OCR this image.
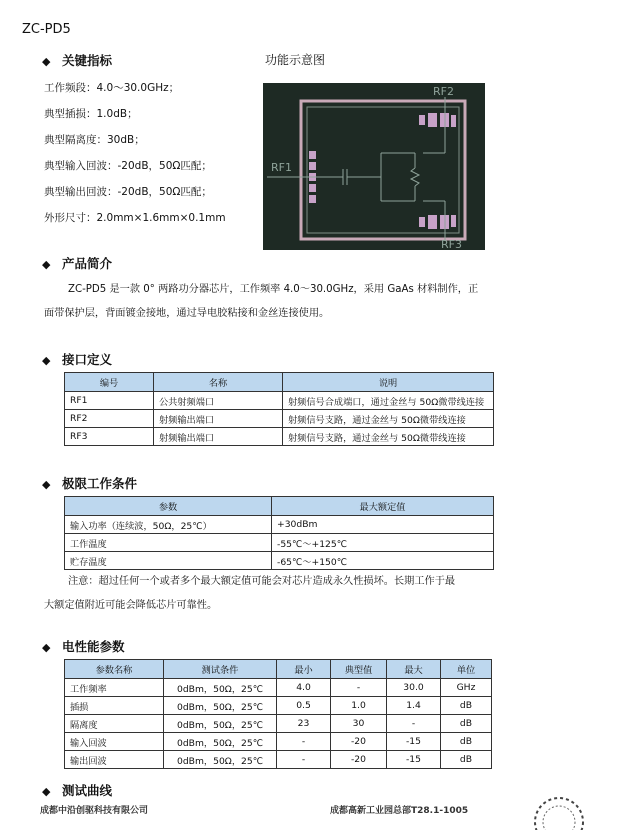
ZC-PD5
◆ 关键指标
工作频段：4.0～30.0GHz；
典型插损：1.0dB；
典型隔离度：30dB；
典型输入回波：-20dB，50Ω匹配；
典型输出回波：-20dB，50Ω匹配；
外形尺寸：2.0mm×1.6mm×0.1mm
功能示意图
RF1
RF2
RF3
◆ 产品简介
ZC-PD5 是一款 0° 两路功分器芯片，工作频率 4.0～30.0GHz，采用 GaAs 材料制作，正
面带保护层，背面镀金接地，通过导电胶粘接和金丝连接使用。
◆ 接口定义
编号	名称	说明
RF1	公共射频端口	射频信号合成端口，通过金丝与 50Ω微带线连接
RF2	射频输出端口	射频信号支路，通过金丝与 50Ω微带线连接
RF3	射频输出端口	射频信号支路，通过金丝与 50Ω微带线连接
◆ 极限工作条件
参数	最大额定值
输入功率（连续波，50Ω，25℃）	+30dBm
工作温度	-55℃～+125℃
贮存温度	-65℃～+150℃
注意：超过任何一个或者多个最大额定值可能会对芯片造成永久性损坏。长期工作于最
大额定值附近可能会降低芯片可靠性。
◆ 电性能参数
参数名称	测试条件	最小	典型值	最大	单位
工作频率	0dBm，50Ω，25℃	4.0	-	30.0	GHz
插损	0dBm，50Ω，25℃	0.5	1.0	1.4	dB
隔离度	0dBm，50Ω，25℃	23	30	-	dB
输入回波	0dBm，50Ω，25℃	-	-20	-15	dB
输出回波	0dBm，50Ω，25℃	-	-20	-15	dB
◆ 测试曲线
成都中沿创驱科技有限公司	成都高新工业园总部T28.1-1005
